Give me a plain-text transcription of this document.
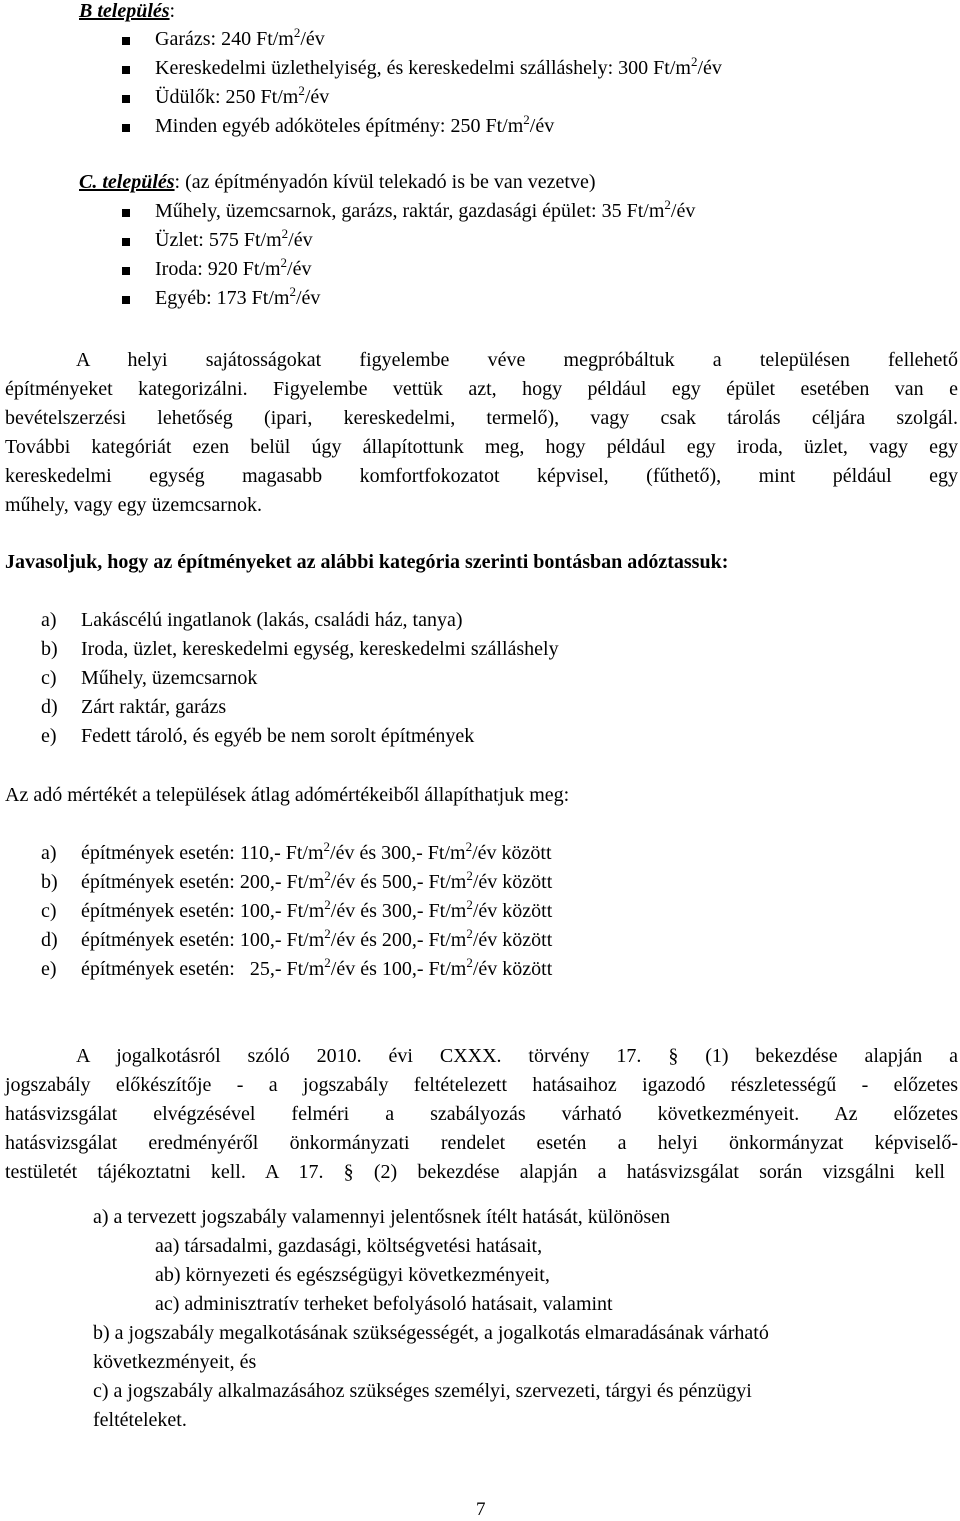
B település:
Garázs: 240 $Ft/m^2/év$
Kereskedelmi üzlethelyiség, és kereskedelmi szálláshely: 300 $Ft/m^2/év$
Üdülők: 250 $Ft/m^2/év$
Minden egyéb adóköteles építmény: 250 $Ft/m^2/év$
C. település: (az építményadón kívül telekadó is be van vezetve)
Műhely, üzemcsarnok, garázs, raktár, gazdasági épület: 35 $Ft/m^2/év$
Üzlet: 575 $Ft/m^2/év$
Iroda: 920 $Ft/m^2/év$
Egyéb: 173 $Ft/m^2/év$
A helyi sajátosságokat figyelembe véve megpróbáltuk a településen fellehető
építményeket kategorizálni. Figyelembe vettük azt, hogy például egy épület esetében van e
bevételszerzési lehetőség (ipari, kereskedelmi, termelő), vagy csak tárolás céljára szolgál.
További kategóriát ezen belül úgy állapítottunk meg, hogy például egy iroda, üzlet, vagy egy
kereskedelmi egység magasabb komfortfokozatot képvisel, (fűthető), mint például egy
műhely, vagy egy üzemcsarnok.
Javasoljuk, hogy az építményeket az alábbi kategória szerinti bontásban adóztassuk:
a) Lakáscélú ingatlanok (lakás, családi ház, tanya)
b) Iroda, üzlet, kereskedelmi egység, kereskedelmi szálláshely
c) Műhely, üzemcsarnok
d) Zárt raktár, garázs
e) Fedett tároló, és egyéb be nem sorolt építmények
Az adó mértékét a települések átlag adómértékeiből állapíthatjuk meg:
a) építmények esetén: 110,- $Ft/m^2/év$ és 300,- $Ft/m^2/év$ között
b) építmények esetén: 200,- $Ft/m^2/év$ és 500,- $Ft/m^2/év$ között
c) építmények esetén: 100,- $Ft/m^2/év$ és 300,- $Ft/m^2/év$ között
d) építmények esetén: 100,- $Ft/m^2/év$ és 200,- $Ft/m^2/év$ között
e) építmények esetén:   25,- $Ft/m^2/év$ és 100,- $Ft/m^2/év$ között
A jogalkotásról szóló 2010. évi CXXX. törvény 17. § (1) bekezdése alapján a
jogszabály előkészítője - a jogszabály feltételezett hatásaihoz igazodó részletességű - előzetes
hatásvizsgálat elvégzésével felméri a szabályozás várható következményeit. Az előzetes
hatásvizsgálat eredményéről önkormányzati rendelet esetén a helyi önkormányzat képviselő-
testületét tájékoztatni kell. A 17. § (2) bekezdése alapján a hatásvizsgálat során vizsgálni kell
a) a tervezett jogszabály valamennyi jelentősnek ítélt hatását, különösen
aa) társadalmi, gazdasági, költségvetési hatásait,
ab) környezeti és egészségügyi következményeit,
ac) adminisztratív terheket befolyásoló hatásait, valamint
b) a jogszabály megalkotásának szükségességét, a jogalkotás elmaradásának várható
következményeit, és
c) a jogszabály alkalmazásához szükséges személyi, szervezeti, tárgyi és pénzügyi
feltételeket.
7
